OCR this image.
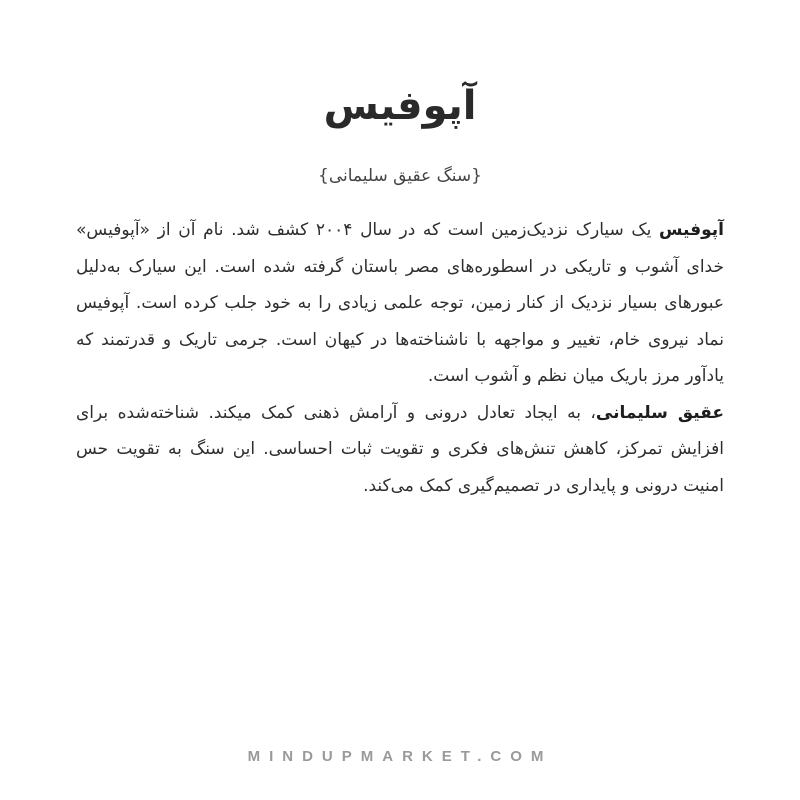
آپوفیس
{سنگ عقیق سلیمانی}

آپوفیس یک سیارک نزدیک‌زمین است که در سال ۲۰۰۴ کشف شد. نام آن از «آپوفیس» خدای آشوب و تاریکی در اسطوره‌های مصر باستان گرفته شده است. این سیارک به‌دلیل عبورهای بسیار نزدیک از کنار زمین، توجه علمی زیادی را به خود جلب کرده است. آپوفیس نماد نیروی خام، تغییر و مواجهه با ناشناخته‌ها در کیهان است. جرمی تاریک و قدرتمند که یادآور مرز باریک میان نظم و آشوب است.

عقیق سلیمانی، به ایجاد تعادل درونی و آرامش ذهنی کمک میکند. شناخته‌شده برای افزایش تمرکز، کاهش تنش‌های فکری و تقویت ثبات احساسی. این سنگ به تقویت حس امنیت درونی و پایداری در تصمیم‌گیری کمک می‌کند.

MINDUPMARKET.COM
